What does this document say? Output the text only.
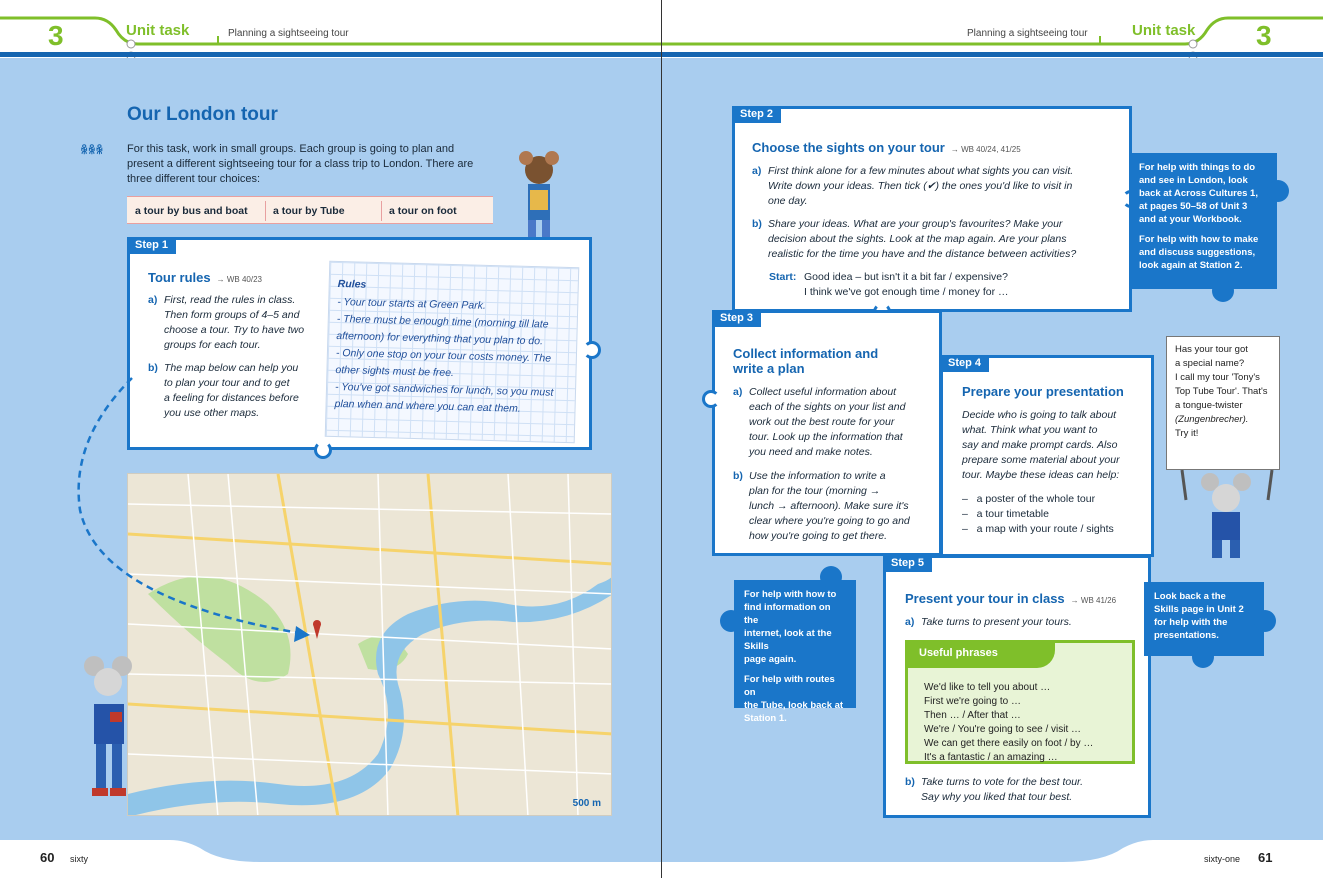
3	Unit task	Planning a sightseeing tour
Our London tour
ꆜꆜꆜ For this task, work in small groups. Each group is going to plan and
present a different sightseeing tour for a class trip to London. There are
three different tour choices:
a tour by bus and boat a tour by Tube	a tour on foot
Step 1
Tour rules → WB 40/23
a) First, read the rules in class.
Then form groups of 4–5 and
choose a tour. Try to have two
groups for each tour.
b) The map below can help you
to plan your tour and to get
a feeling for distances before
you use other maps.
Rules
- Your tour starts at Green Park.
- There must be enough time (morning till late
afternoon) for everything that you plan to do.
- Only one stop on your tour costs money. The
other sights must be free.
- You've got sandwiches for lunch, so you must
plan when and where you can eat them.
500 m
60 sixty
Planning a sightseeing tour	Unit task 3
Step 2
Choose the sights on your tour → WB 40/24, 41/25
a) First think alone for a few minutes about what sights you can visit.
Write down your ideas. Then tick (✔) the ones you'd like to visit in
one day.
b) Share your ideas. What are your group's favourites? Make your
decision about the sights. Look at the map again. Are your plans
realistic for the time you have and the distance between activities?
Start: Good idea – but isn't it a bit far / expensive?
I think we've got enough time / money for …
For help with things to do
and see in London, look
back at Across Cultures 1,
at pages 50–58 of Unit 3
and at your Workbook.
For help with how to make
and discuss suggestions,
look again at Station 2.
Step 3
Collect information and
write a plan
a) Collect useful information about
each of the sights on your list and
work out the best route for your
tour. Look up the information that
you need and make notes.
b) Use the information to write a
plan for the tour (morning →
lunch → afternoon). Make sure it's
clear where you're going to go and
how you're going to get there.
Step 4
Prepare your presentation
Decide who is going to talk about
what. Think what you want to
say and make prompt cards. Also
prepare some material about your
tour. Maybe these ideas can help:
–   a poster of the whole tour
–   a tour timetable
–   a map with your route / sights
Has your tour got
a special name?
I call my tour 'Tony's
Top Tube Tour'. That's
a tongue-twister
(Zungenbrecher).
Try it!
For help with how to
find information on the
internet, look at the Skills
page again.
For help with routes on
the Tube, look back at
Station 1.
Step 5
Present your tour in class → WB 41/26
a) Take turns to present your tours.
We'd like to tell you about …
First we're going to …
Then … / After that …
We're / You're going to see / visit …
We can get there easily on foot / by …
It's a fantastic / an amazing …
Useful phrases
b) Take turns to vote for the best tour.
Say why you liked that tour best.
Look back a the
Skills page in Unit 2
for help with the
presentations.
sixty-one 61
